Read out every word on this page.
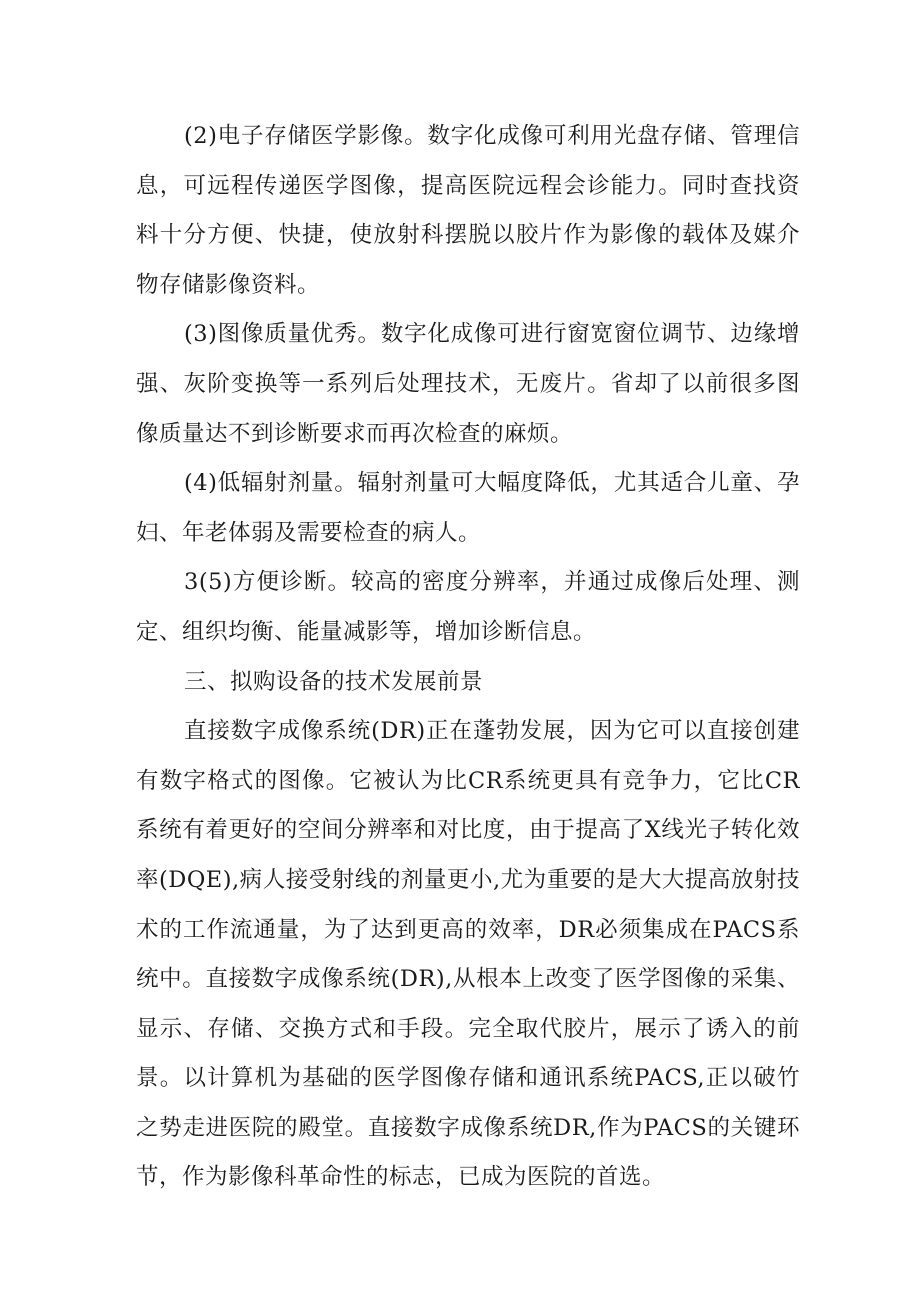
(2)电子存储医学影像。数字化成像可利用光盘存储、管理信息，可远程传递医学图像，提高医院远程会诊能力。同时查找资料十分方便、快捷，使放射科摆脱以胶片作为影像的载体及媒介物存储影像资料。

(3)图像质量优秀。数字化成像可进行窗宽窗位调节、边缘增强、灰阶变换等一系列后处理技术，无废片。省却了以前很多图像质量达不到诊断要求而再次检查的麻烦。

(4)低辐射剂量。辐射剂量可大幅度降低，尤其适合儿童、孕妇、年老体弱及需要检查的病人。

3(5)方便诊断。较高的密度分辨率，并通过成像后处理、测定、组织均衡、能量减影等，增加诊断信息。

三、拟购设备的技术发展前景

直接数字成像系统(DR)正在蓬勃发展，因为它可以直接创建有数字格式的图像。它被认为比CR系统更具有竞争力，它比CR系统有着更好的空间分辨率和对比度，由于提高了X线光子转化效率(DQE),病人接受射线的剂量更小,尤为重要的是大大提高放射技术的工作流通量，为了达到更高的效率，DR必须集成在PACS系统中。直接数字成像系统(DR),从根本上改变了医学图像的采集、显示、存储、交换方式和手段。完全取代胶片，展示了诱入的前景。以计算机为基础的医学图像存储和通讯系统PACS,正以破竹之势走进医院的殿堂。直接数字成像系统DR,作为PACS的关键环节，作为影像科革命性的标志，已成为医院的首选。
